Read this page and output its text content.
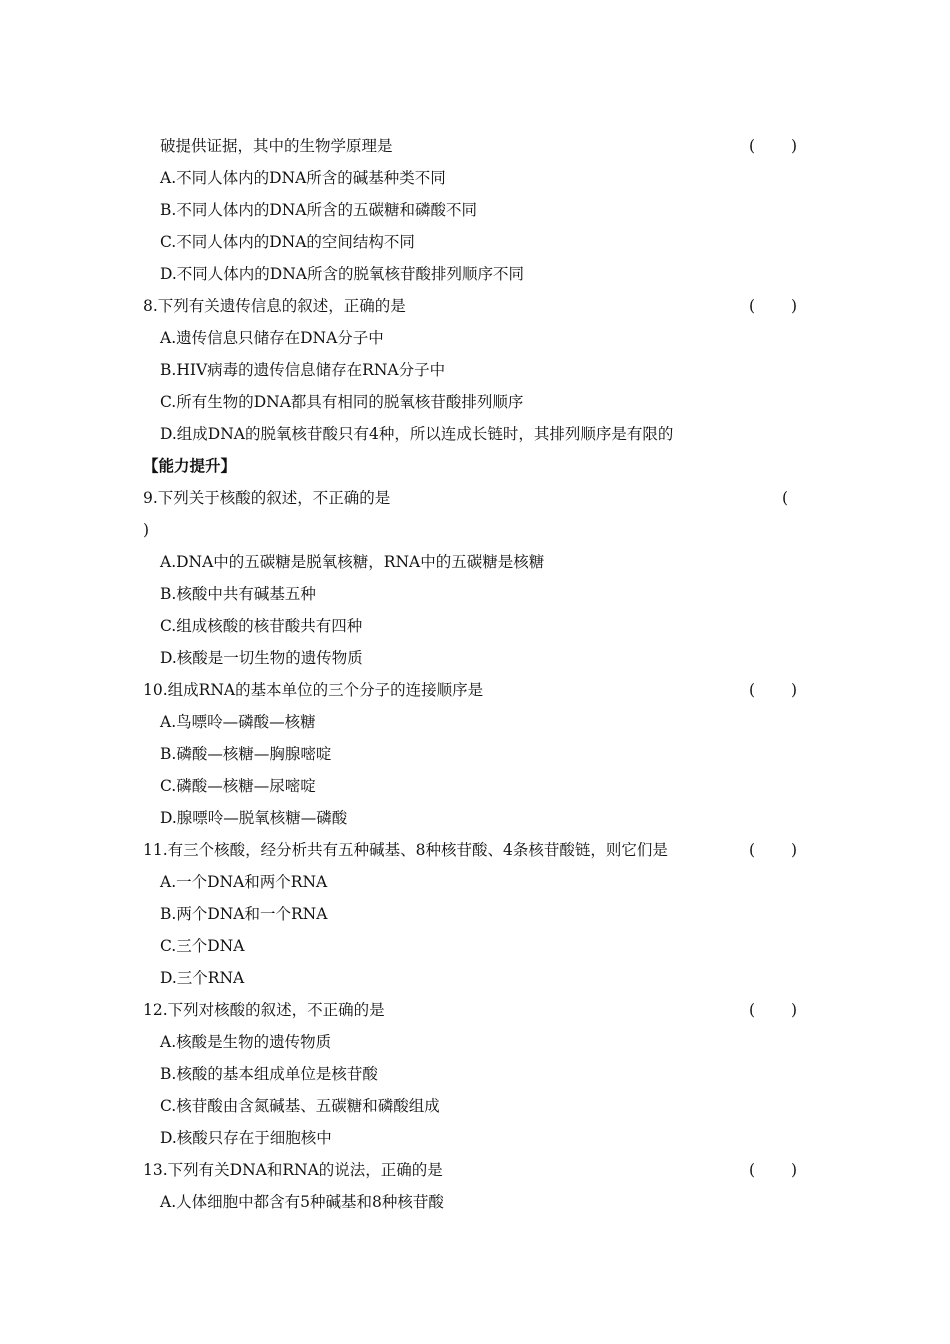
破提供证据，其中的生物学原理是	( )
A.不同人体内的DNA所含的碱基种类不同
B.不同人体内的DNA所含的五碳糖和磷酸不同
C.不同人体内的DNA的空间结构不同
D.不同人体内的DNA所含的脱氧核苷酸排列顺序不同
8.下列有关遗传信息的叙述，正确的是	( )
A.遗传信息只储存在DNA分子中
B.HIV病毒的遗传信息储存在RNA分子中
C.所有生物的DNA都具有相同的脱氧核苷酸排列顺序
D.组成DNA的脱氧核苷酸只有4种，所以连成长链时，其排列顺序是有限的
【能力提升】
9.下列关于核酸的叙述，不正确的是	(
)
A.DNA中的五碳糖是脱氧核糖，RNA中的五碳糖是核糖
B.核酸中共有碱基五种
C.组成核酸的核苷酸共有四种
D.核酸是一切生物的遗传物质
10.组成RNA的基本单位的三个分子的连接顺序是	( )
A.鸟嘌呤—磷酸—核糖
B.磷酸—核糖—胸腺嘧啶
C.磷酸—核糖—尿嘧啶
D.腺嘌呤—脱氧核糖—磷酸
11.有三个核酸，经分析共有五种碱基、8种核苷酸、4条核苷酸链，则它们是	( )
A.一个DNA和两个RNA
B.两个DNA和一个RNA
C.三个DNA
D.三个RNA
12.下列对核酸的叙述，不正确的是	( )
A.核酸是生物的遗传物质
B.核酸的基本组成单位是核苷酸
C.核苷酸由含氮碱基、五碳糖和磷酸组成
D.核酸只存在于细胞核中
13.下列有关DNA和RNA的说法，正确的是	( )
A.人体细胞中都含有5种碱基和8种核苷酸
